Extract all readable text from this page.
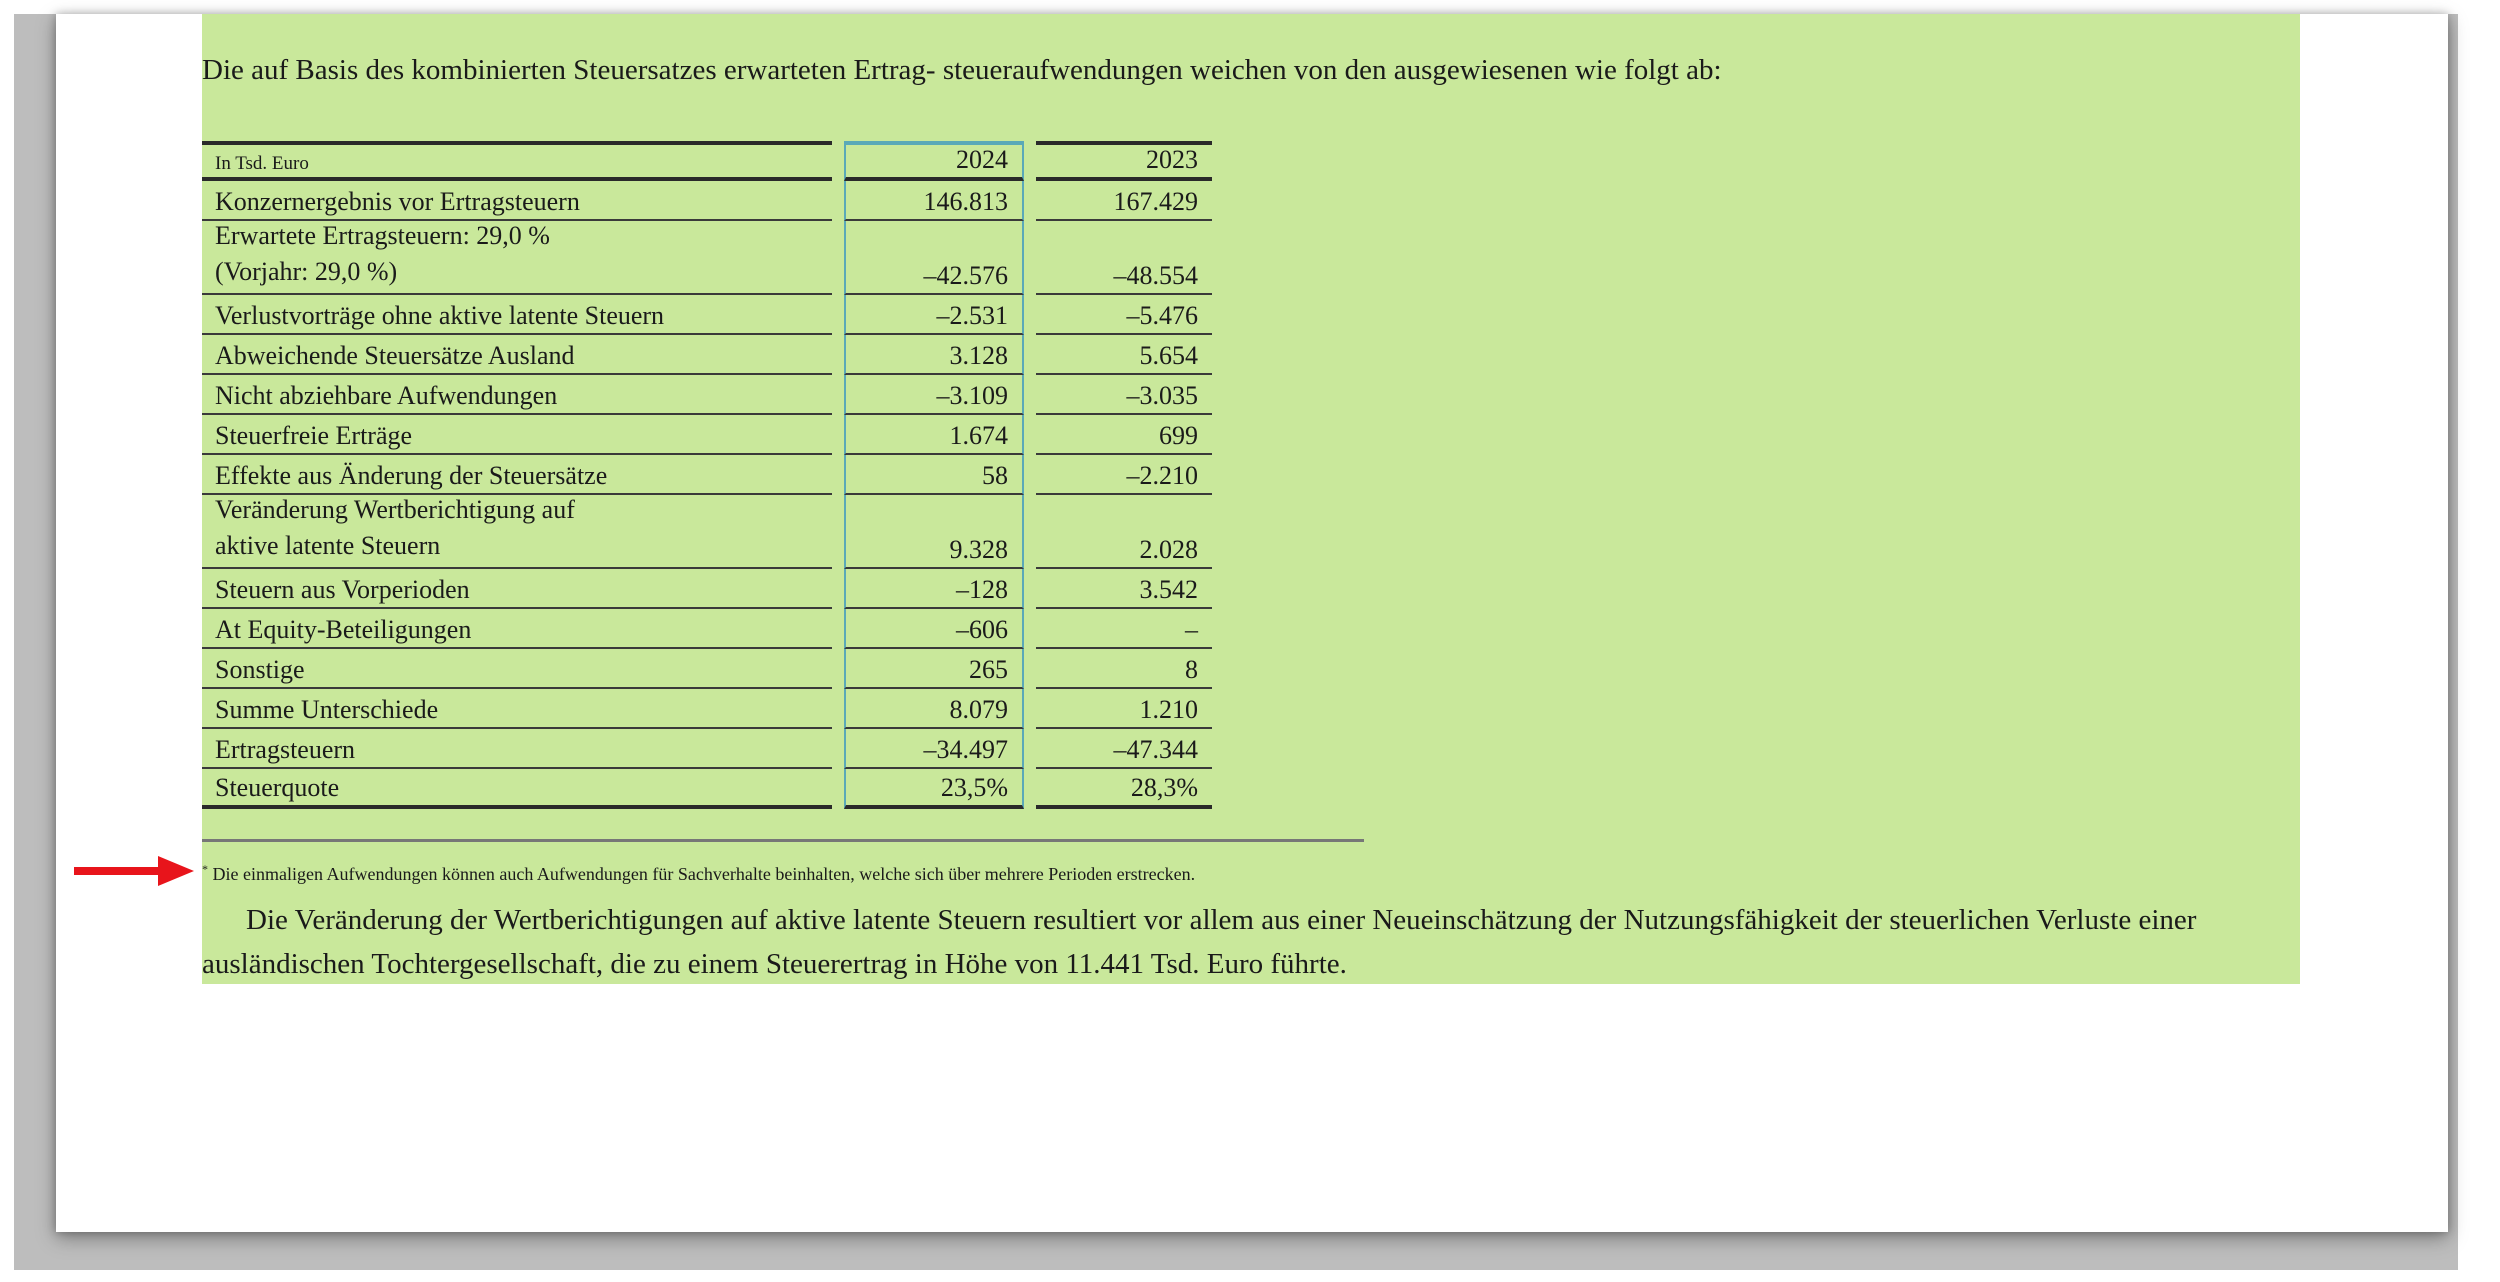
Die auf Basis des kombinierten Steuersatzes erwarteten Ertrag- steueraufwendungen weichen von den ausgewiesenen wie folgt ab:
In Tsd. Euro	2024	2023
Konzernergebnis vor Ertragsteuern	146.813	167.429
Erwartete Ertragsteuern: 29,0 %
(Vorjahr: 29,0 %)	–42.576	–48.554
Verlustvorträge ohne aktive latente Steuern	–2.531	–5.476
Abweichende Steuersätze Ausland	3.128	5.654
Nicht abziehbare Aufwendungen	–3.109	–3.035
Steuerfreie Erträge	1.674	699
Effekte aus Änderung der Steuersätze	58	–2.210
Veränderung Wertberichtigung auf
aktive latente Steuern	9.328	2.028
Steuern aus Vorperioden	–128	3.542
At Equity-Beteiligungen	–606	–
Sonstige	265	8
Summe Unterschiede	8.079	1.210
Ertragsteuern	–34.497	–47.344
Steuerquote	23,5%	28,3%
* Die einmaligen Aufwendungen können auch Aufwendungen für Sachverhalte beinhalten, welche sich über mehrere Perioden erstrecken.
Die Veränderung der Wertberichtigungen auf aktive latente Steuern resultiert vor allem aus einer Neueinschätzung der Nutzungsfähigkeit der steuerlichen Verluste einer
ausländischen Tochtergesellschaft, die zu einem Steuerertrag in Höhe von 11.441 Tsd. Euro führte.
